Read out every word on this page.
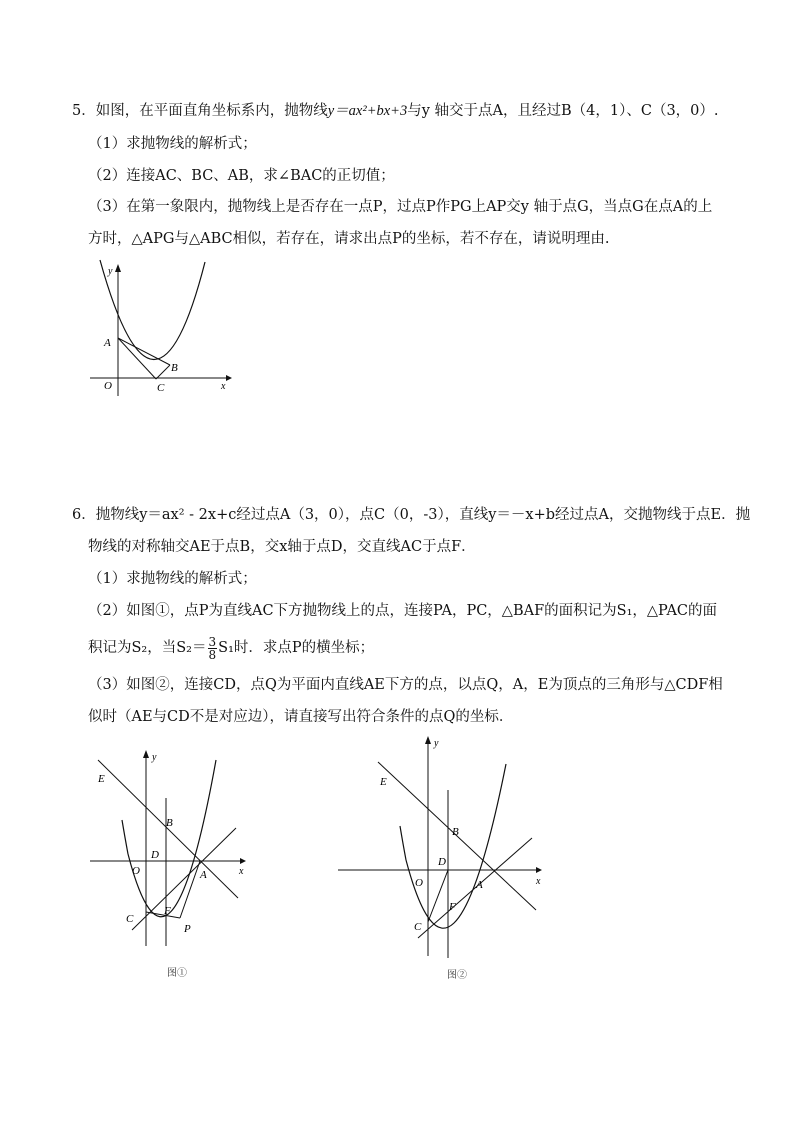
5．如图，在平面直角坐标系内，抛物线y＝ax²+bx+3与y 轴交于点A，且经过B（4，1）、C（3，0）.
（1）求抛物线的解析式；
（2）连接AC、BC、AB，求∠BAC的正切值；
（3）在第一象限内，抛物线上是否存在一点P，过点P作PG上AP交y 轴于点G，当点G在点A的上
方时，△APG与△ABC相似，若存在，请求出点P的坐标，若不存在，请说明理由.
y
x
A
B
C
O
6．抛物线y＝ax² - 2x+c经过点A（3，0），点C（0，-3），直线y＝－x+b经过点A，交抛物线于点E．抛
物线的对称轴交AE于点B，交x轴于点D，交直线AC于点F．
（1）求抛物线的解析式；
（2）如图①，点P为直线AC下方抛物线上的点，连接PA，PC，△BAF的面积记为S₁，△PAC的面
积记为S₂，当$S_2= \frac{3}{8} S_1$时．求点P的横坐标；
（3）如图②，连接CD，点Q为平面内直线AE下方的点，以点Q，A，E为顶点的三角形与△CDF相
似时（AE与CD不是对应边），请直接写出符合条件的点Q的坐标．
y
x
E
B
D
O	A
C
F
P
图①
y
x
E
B
D
O	A
C
F
图②
